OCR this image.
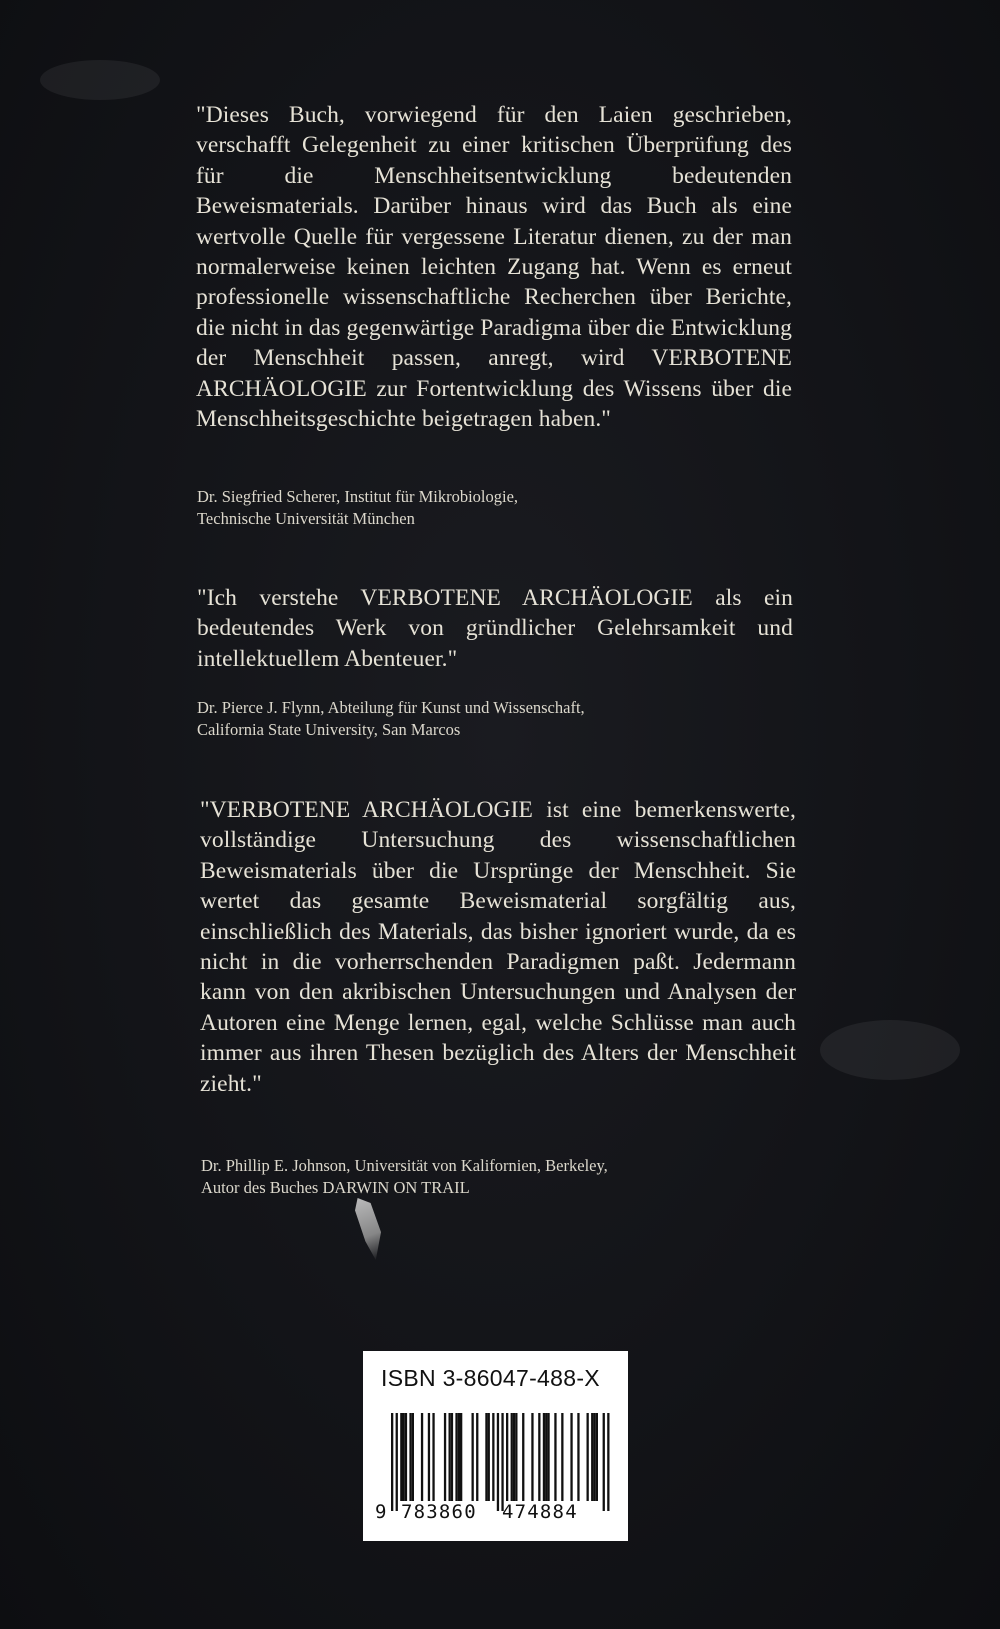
"Dieses Buch, vorwiegend für den Laien geschrieben, verschafft Gelegenheit zu einer kritischen Überprüfung des für die Menschheitsentwicklung bedeutenden Beweismaterials. Darüber hinaus wird das Buch als eine wertvolle Quelle für vergessene Literatur dienen, zu der man normalerweise keinen leichten Zugang hat. Wenn es erneut professionelle wissenschaftliche Recherchen über Berichte, die nicht in das gegenwärtige Paradigma über die Entwicklung der Menschheit passen, anregt, wird VERBOTENE ARCHÄOLOGIE zur Fortentwicklung des Wissens über die Menschheitsgeschichte beigetragen haben."

Dr. Siegfried Scherer, Institut für Mikrobiologie,
Technische Universität München

"Ich verstehe VERBOTENE ARCHÄOLOGIE als ein bedeutendes Werk von gründlicher Gelehrsamkeit und intellektuellem Abenteuer."

Dr. Pierce J. Flynn, Abteilung für Kunst und Wissenschaft,
California State University, San Marcos

"VERBOTENE ARCHÄOLOGIE ist eine bemerkenswerte, vollständige Untersuchung des wissenschaftlichen Beweismaterials über die Ursprünge der Menschheit. Sie wertet das gesamte Beweismaterial sorgfältig aus, einschließlich des Materials, das bisher ignoriert wurde, da es nicht in die vorherrschenden Paradigmen paßt. Jedermann kann von den akribischen Untersuchungen und Analysen der Autoren eine Menge lernen, egal, welche Schlüsse man auch immer aus ihren Thesen bezüglich des Alters der Menschheit zieht."

Dr. Phillip E. Johnson, Universität von Kalifornien, Berkeley,
Autor des Buches DARWIN ON TRAIL

ISBN 3-86047-488-X

9 783860 474884
